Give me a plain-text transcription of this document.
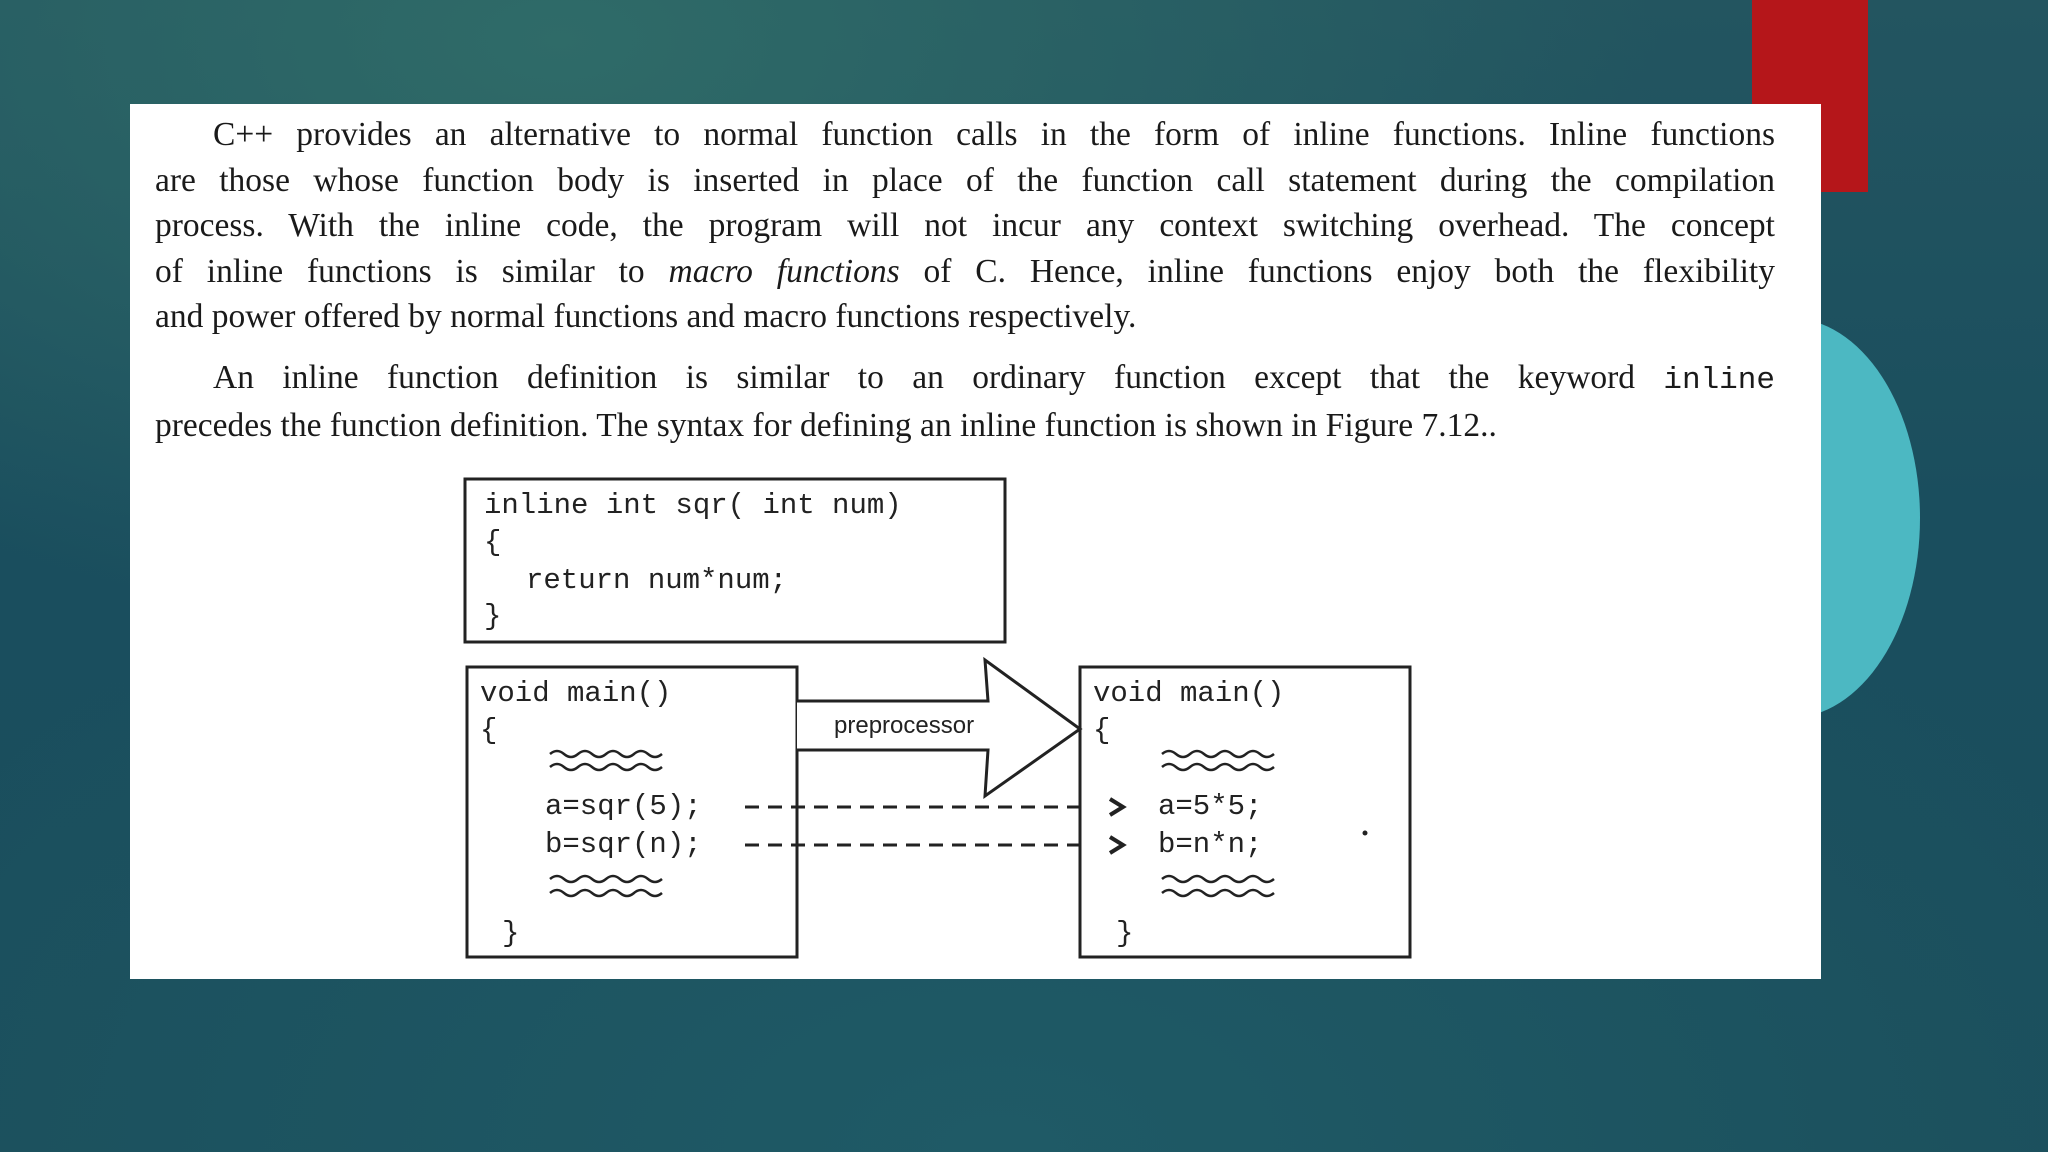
C++ provides an alternative to normal function calls in the form of inline functions. Inline functions
are those whose function body is inserted in place of the function call statement during the compilation
process. With the inline code, the program will not incur any context switching overhead. The concept
of inline functions is similar to macro functions of C. Hence, inline functions enjoy both the flexibility
and power offered by normal functions and macro functions respectively.

An inline function definition is similar to an ordinary function except that the keyword inline
precedes the function definition. The syntax for defining an inline function is shown in Figure 7.12..

inline int sqr( int num)
{
return num*num;
}
void main()
{
a=sqr(5);
b=sqr(n);
}
preprocessor
void main()
{
a=5*5;
b=n*n;
}
